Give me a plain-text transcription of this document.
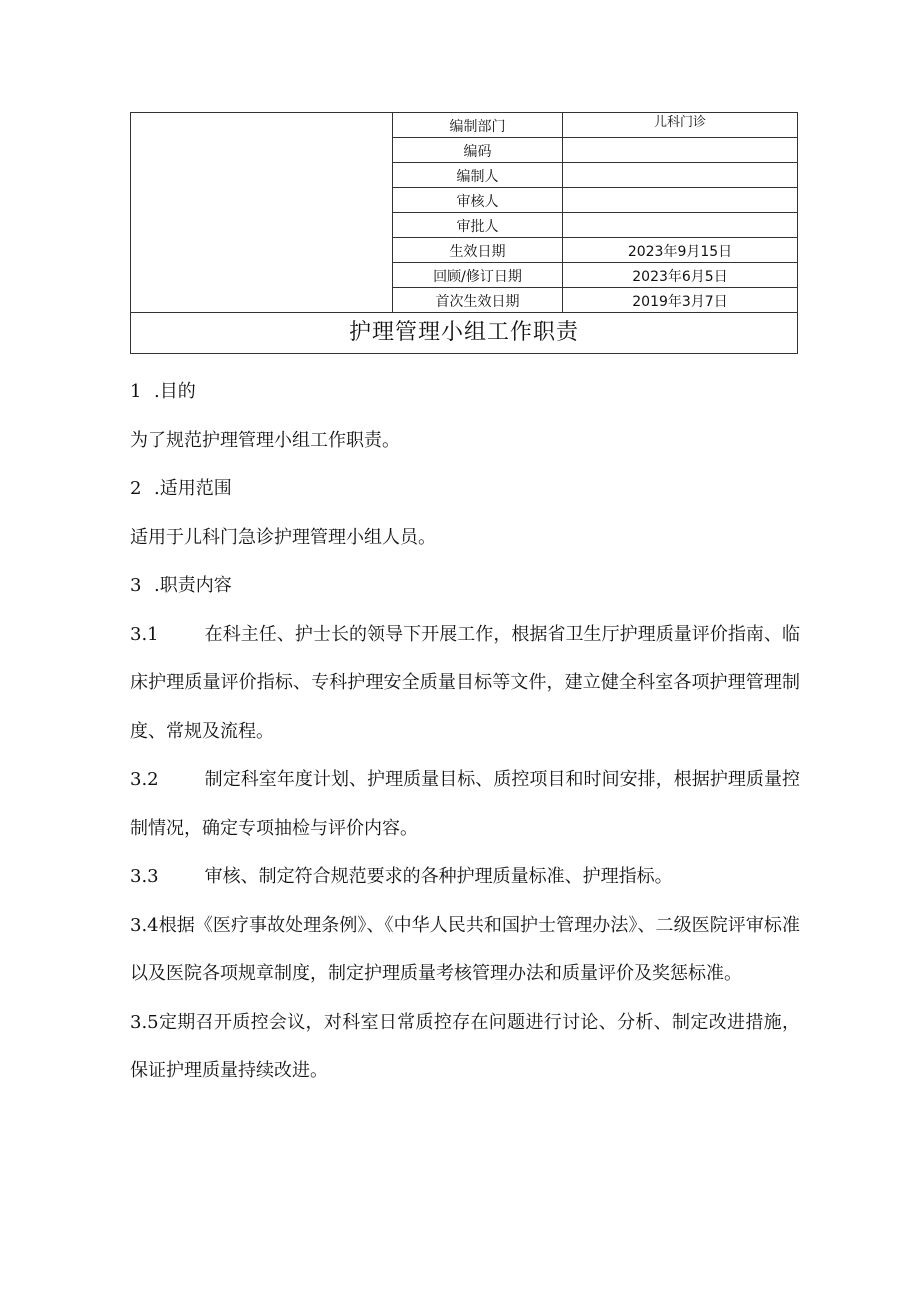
	编制部门	儿科门诊
	编码	
	编制人	
	审核人	
	审批人	
	生效日期	2023年9月15日
	回顾/修订日期	2023年6月5日
	首次生效日期	2019年3月7日
护理管理小组工作职责		

1 .目的

为了规范护理管理小组工作职责。

2 .适用范围

适用于儿科门急诊护理管理小组人员。

3 .职责内容

3.1	在科主任、护士长的领导下开展工作，根据省卫生厅护理质量评价指南、临床护理质量评价指标、专科护理安全质量目标等文件，建立健全科室各项护理管理制度、常规及流程。

3.2	制定科室年度计划、护理质量目标、质控项目和时间安排，根据护理质量控制情况，确定专项抽检与评价内容。

3.3	审核、制定符合规范要求的各种护理质量标准、护理指标。

3.4根据《医疗事故处理条例》、《中华人民共和国护士管理办法》、二级医院评审标准以及医院各项规章制度，制定护理质量考核管理办法和质量评价及奖惩标准。

3.5定期召开质控会议，对科室日常质控存在问题进行讨论、分析、制定改进措施，保证护理质量持续改进。
